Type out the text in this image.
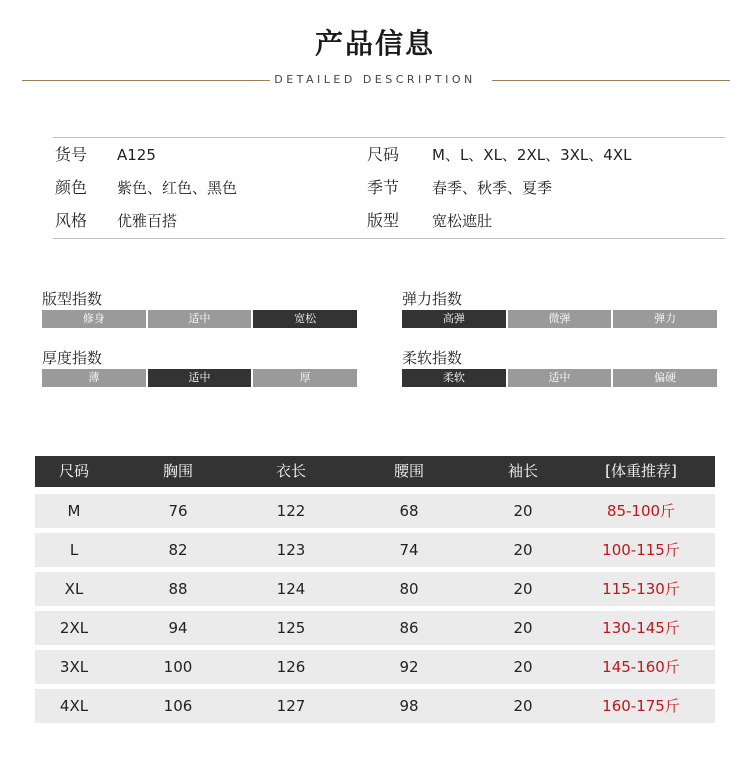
产品信息
DETAILED DESCRIPTION
货号 A125	尺码 M、L、XL、2XL、3XL、4XL
颜色 紫色、红色、黑色	季节 春季、秋季、夏季
风格 优雅百搭	版型 宽松遮肚
版型指数
修身	适中	宽松
弹力指数
高弹	微弹	弹力
厚度指数
薄	适中	厚
柔软指数
柔软	适中	偏硬
尺码	胸围	衣长	腰围	袖长	[体重推荐]
M	76	122	68	20	85-100斤
L	82	123	74	20	100-115斤
XL	88	124	80	20	115-130斤
2XL	94	125	86	20	130-145斤
3XL	100	126	92	20	145-160斤
4XL	106	127	98	20	160-175斤
